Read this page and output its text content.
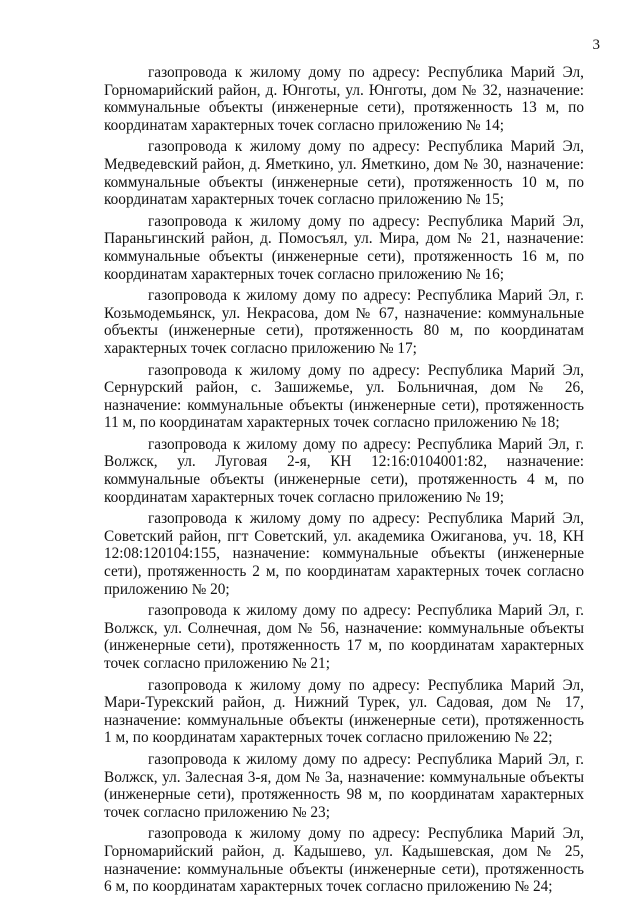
3

газопровода к жилому дому по адресу: Республика Марий Эл, Горномарийский район, д. Юнготы, ул. Юнготы, дом № 32, назначение: коммунальные объекты (инженерные сети), протяженность 13 м, по координатам характерных точек согласно приложению № 14;

газопровода к жилому дому по адресу: Республика Марий Эл, Медведевский район, д. Яметкино, ул. Яметкино, дом № 30, назначение: коммунальные объекты (инженерные сети), протяженность 10 м, по координатам характерных точек согласно приложению № 15;

газопровода к жилому дому по адресу: Республика Марий Эл, Параньгинский район, д. Помосъял, ул. Мира, дом № 21, назначение: коммунальные объекты (инженерные сети), протяженность 16 м, по координатам характерных точек согласно приложению № 16;

газопровода к жилому дому по адресу: Республика Марий Эл, г. Козьмодемьянск, ул. Некрасова, дом № 67, назначение: коммунальные объекты (инженерные сети), протяженность 80 м, по координатам характерных точек согласно приложению № 17;

газопровода к жилому дому по адресу: Республика Марий Эл, Сернурский район, с. Зашижемье, ул. Больничная, дом № 26, назначение: коммунальные объекты (инженерные сети), протяженность 11 м, по координатам характерных точек согласно приложению № 18;

газопровода к жилому дому по адресу: Республика Марий Эл, г. Волжск, ул. Луговая 2-я, КН 12:16:0104001:82, назначение: коммунальные объекты (инженерные сети), протяженность 4 м, по координатам характерных точек согласно приложению № 19;

газопровода к жилому дому по адресу: Республика Марий Эл, Советский район, пгт Советский, ул. академика Ожиганова, уч. 18, КН 12:08:120104:155, назначение: коммунальные объекты (инженерные сети), протяженность 2 м, по координатам характерных точек согласно приложению № 20;

газопровода к жилому дому по адресу: Республика Марий Эл, г. Волжск, ул. Солнечная, дом № 56, назначение: коммунальные объекты (инженерные сети), протяженность 17 м, по координатам характерных точек согласно приложению № 21;

газопровода к жилому дому по адресу: Республика Марий Эл, Мари-Турекский район, д. Нижний Турек, ул. Садовая, дом № 17, назначение: коммунальные объекты (инженерные сети), протяженность 1 м, по координатам характерных точек согласно приложению № 22;

газопровода к жилому дому по адресу: Республика Марий Эл, г. Волжск, ул. Залесная 3-я, дом № 3а, назначение: коммунальные объекты (инженерные сети), протяженность 98 м, по координатам характерных точек согласно приложению № 23;

газопровода к жилому дому по адресу: Республика Марий Эл, Горномарийский район, д. Кадышево, ул. Кадышевская, дом № 25, назначение: коммунальные объекты (инженерные сети), протяженность 6 м, по координатам характерных точек согласно приложению № 24;
